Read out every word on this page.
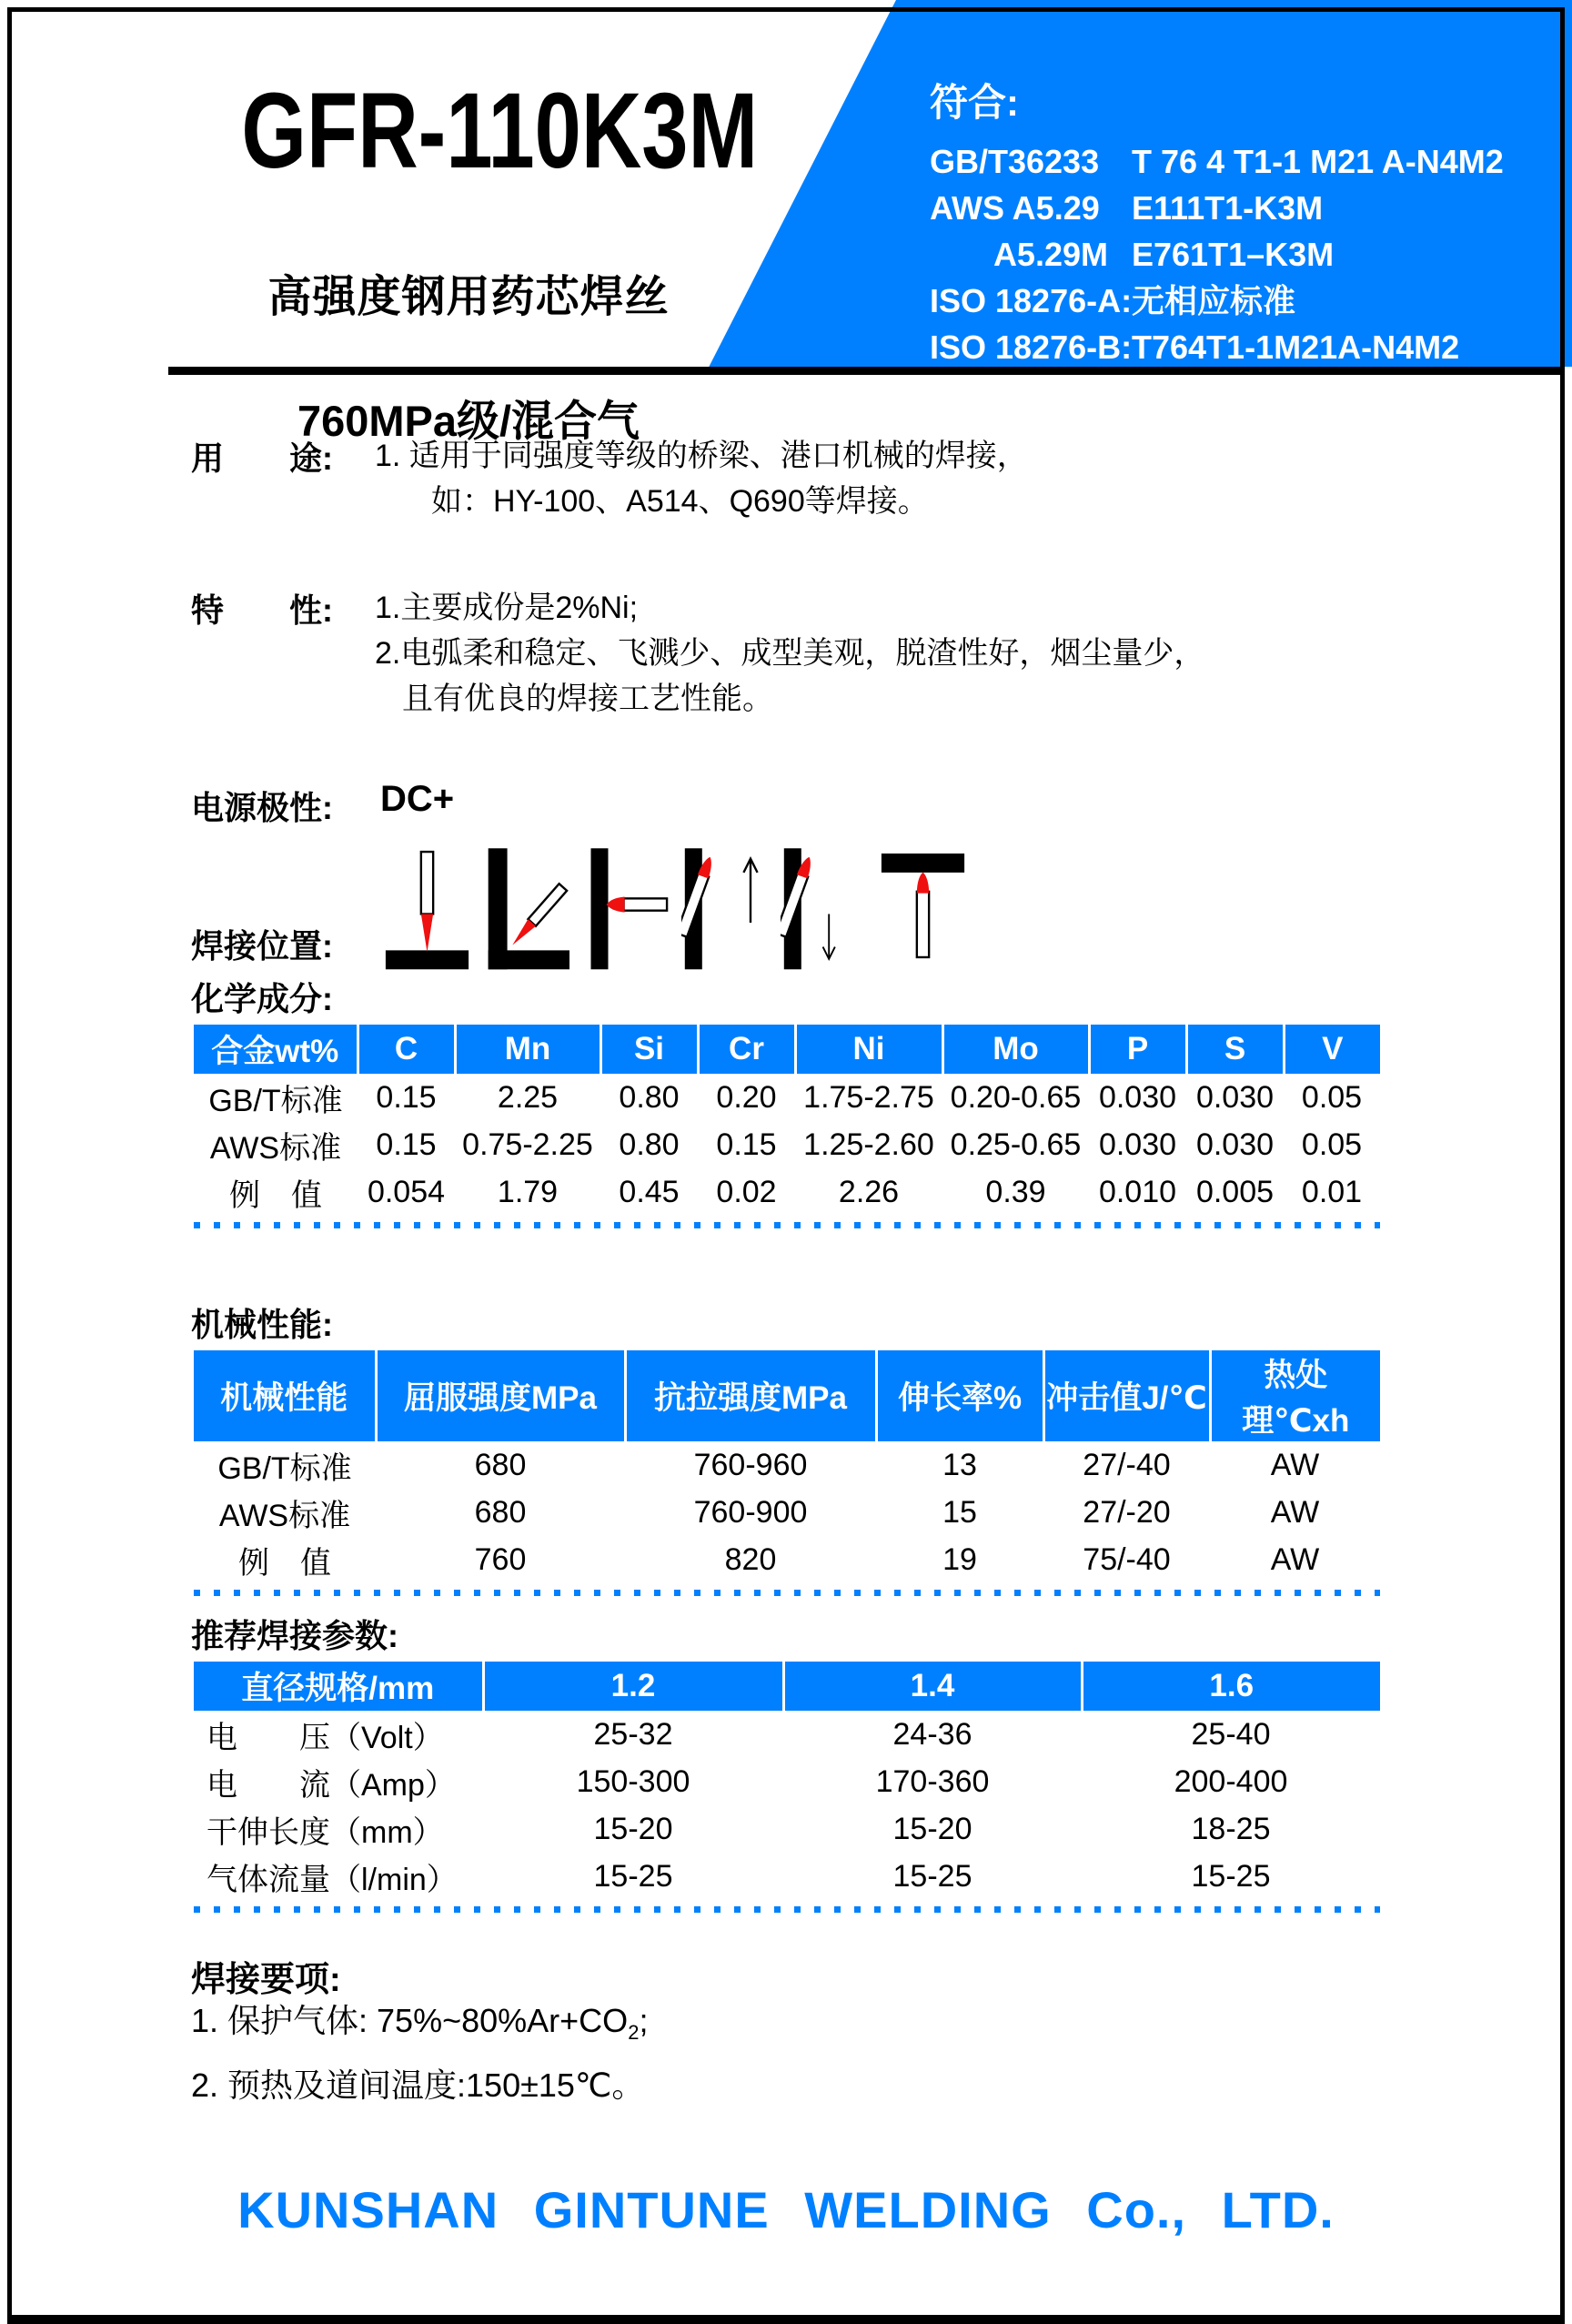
GFR-110K3M
高强度钢用药芯焊丝
760MPa级/混合气
符合:
GB/T36233 T 76 4 T1-1 M21 A-N4M2
AWS A5.29 E111T1-K3M
A5.29M E761T1–K3M
ISO 18276-A: 无相应标准
ISO 18276-B: T764T1-1M21A-N4M2
用　　途: 1. 适用于同强度等级的桥梁、港口机械的焊接，
如：HY-100、A514、Q690等焊接。
特　　性: 1.主要成份是2%Ni;
2.电弧柔和稳定、飞溅少、成型美观，脱渣性好，烟尘量少，
且有优良的焊接工艺性能。
电源极性: DC+
焊接位置:
化学成分:
合金wt%	C	Mn	Si	Cr	Ni	Mo	P	S	V
GB/T标准	0.15	2.25	0.80	0.20	1.75-2.75	0.20-0.65	0.030	0.030	0.05
AWS标准	0.15	0.75-2.25	0.80	0.15	1.25-2.60	0.25-0.65	0.030	0.030	0.05
例　值	0.054	1.79	0.45	0.02	2.26	0.39	0.010	0.005	0.01
机械性能:
机械性能	屈服强度MPa	抗拉强度MPa	伸长率%	冲击值J/℃	热处理℃xh
GB/T标准	680	760-960	13	27/-40	AW
AWS标准	680	760-900	15	27/-20	AW
例　值	760	820	19	75/-40	AW
推荐焊接参数:
直径规格/mm	1.2	1.4	1.6
电　　压（Volt）	25-32	24-36	25-40
电　　流（Amp）	150-300	170-360	200-400
干伸长度（mm）	15-20	15-20	18-25
气体流量（l/min）	15-25	15-25	15-25
焊接要项:
1. 保护气体: $75\%\sim 80\%Ar+CO_2$;
2. 预热及道间温度:150±15℃。
KUNSHAN GINTUNE WELDING Co., LTD.
